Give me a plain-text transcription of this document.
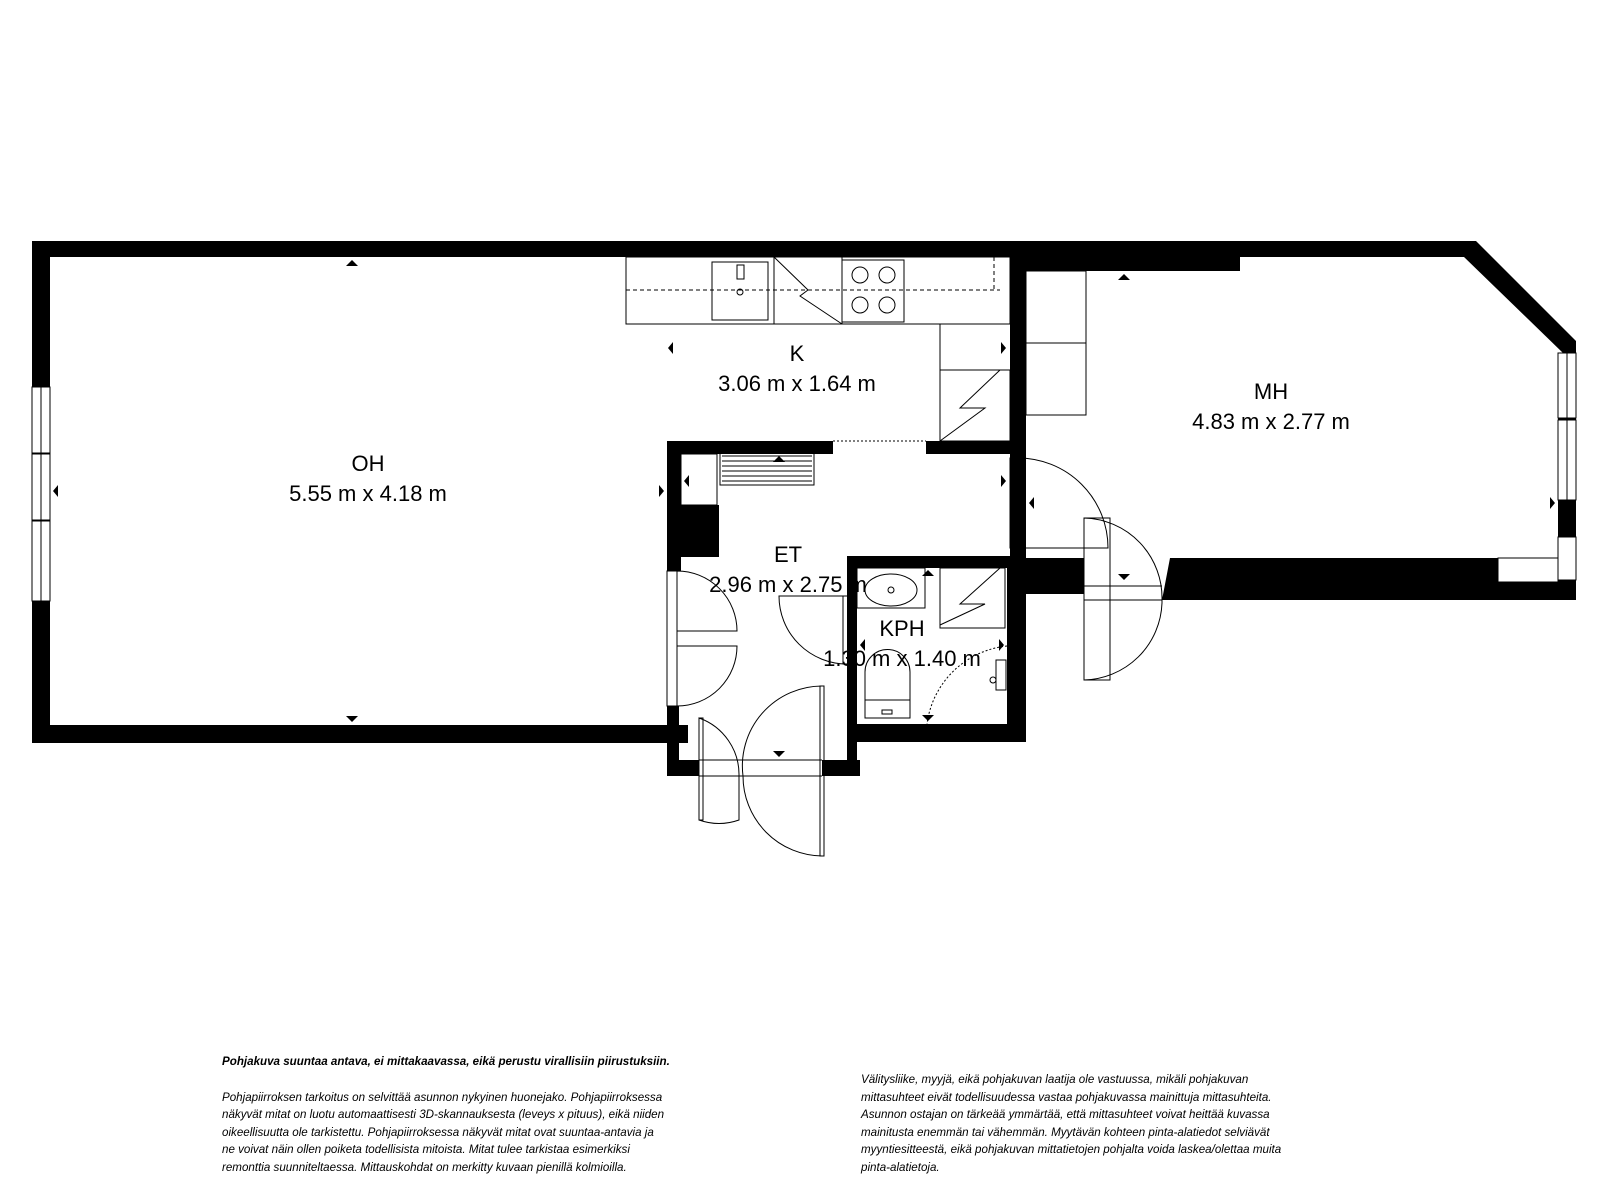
OH
5.55 m x 4.18 m
K
3.06 m x 1.64 m	MH
4.83 m x 2.77 m
ET
2.96 m x 2.75 m
KPH
1.30 m x 1.40 m
Pohjakuva suuntaa antava, ei mittakaavassa, eikä perustu virallisiin piirustuksiin.
Pohjapiirroksen tarkoitus on selvittää asunnon nykyinen huonejako. Pohjapiirroksessa
näkyvät mitat on luotu automaattisesti 3D-skannauksesta (leveys x pituus), eikä niiden
oikeellisuutta ole tarkistettu. Pohjapiirroksessa näkyvät mitat ovat suuntaa-antavia ja
ne voivat näin ollen poiketa todellisista mitoista. Mitat tulee tarkistaa esimerkiksi
remonttia suunniteltaessa. Mittauskohdat on merkitty kuvaan pienillä kolmioilla.
Välitysliike, myyjä, eikä pohjakuvan laatija ole vastuussa, mikäli pohjakuvan
mittasuhteet eivät todellisuudessa vastaa pohjakuvassa mainittuja mittasuhteita.
Asunnon ostajan on tärkeää ymmärtää, että mittasuhteet voivat heittää kuvassa
mainitusta enemmän tai vähemmän. Myytävän kohteen pinta-alatiedot selviävät
myyntiesitteestä, eikä pohjakuvan mittatietojen pohjalta voida laskea/olettaa muita
pinta-alatietoja.
